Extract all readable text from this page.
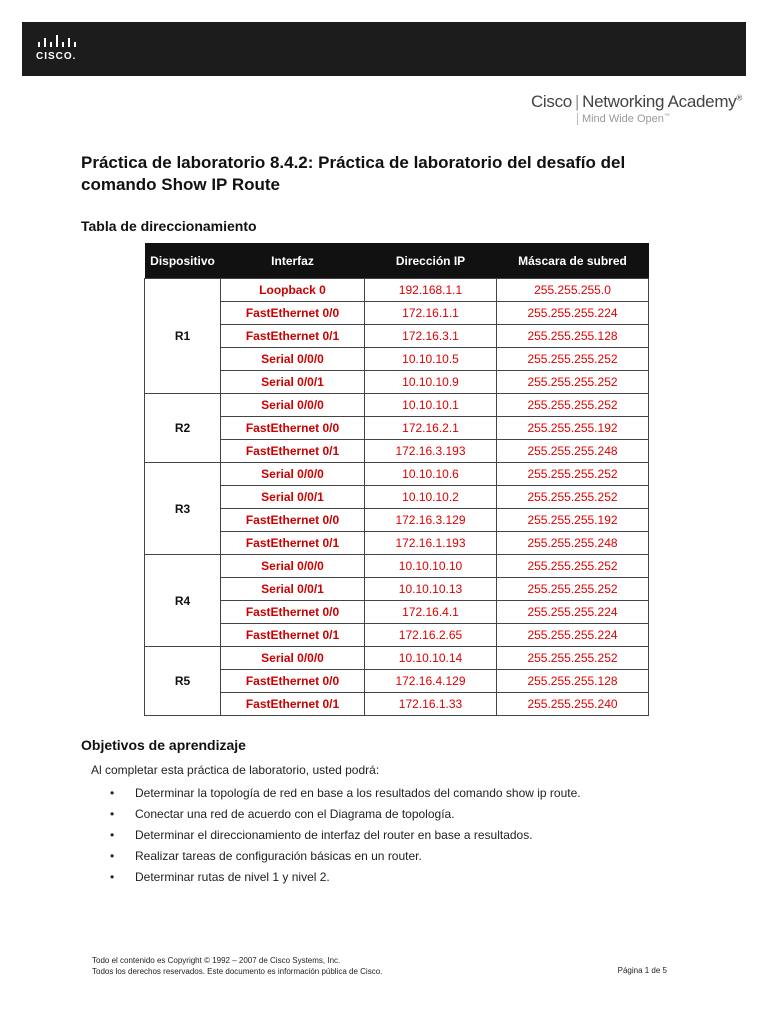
CISCO.
Cisco | Networking Academy®
Mind Wide Open™
Práctica de laboratorio 8.4.2: Práctica de laboratorio del desafío del comando Show IP Route
Tabla de direccionamiento
Dispositivo	Interfaz	Dirección IP	Máscara de subred
R1	Loopback 0	192.168.1.1	255.255.255.0
	FastEthernet 0/0	172.16.1.1	255.255.255.224
	FastEthernet 0/1	172.16.3.1	255.255.255.128
	Serial 0/0/0	10.10.10.5	255.255.255.252
	Serial 0/0/1	10.10.10.9	255.255.255.252
R2	Serial 0/0/0	10.10.10.1	255.255.255.252
	FastEthernet 0/0	172.16.2.1	255.255.255.192
	FastEthernet 0/1	172.16.3.193	255.255.255.248
R3	Serial 0/0/0	10.10.10.6	255.255.255.252
	Serial 0/0/1	10.10.10.2	255.255.255.252
	FastEthernet 0/0	172.16.3.129	255.255.255.192
	FastEthernet 0/1	172.16.1.193	255.255.255.248
R4	Serial 0/0/0	10.10.10.10	255.255.255.252
	Serial 0/0/1	10.10.10.13	255.255.255.252
	FastEthernet 0/0	172.16.4.1	255.255.255.224
	FastEthernet 0/1	172.16.2.65	255.255.255.224
R5	Serial 0/0/0	10.10.10.14	255.255.255.252
	FastEthernet 0/0	172.16.4.129	255.255.255.128
	FastEthernet 0/1	172.16.1.33	255.255.255.240
Objetivos de aprendizaje
Al completar esta práctica de laboratorio, usted podrá:
• Determinar la topología de red en base a los resultados del comando show ip route.
• Conectar una red de acuerdo con el Diagrama de topología.
• Determinar el direccionamiento de interfaz del router en base a resultados.
• Realizar tareas de configuración básicas en un router.
• Determinar rutas de nivel 1 y nivel 2.
Todo el contenido es Copyright © 1992 – 2007 de Cisco Systems, Inc.
Todos los derechos reservados. Este documento es información pública de Cisco.	Página 1 de 5
